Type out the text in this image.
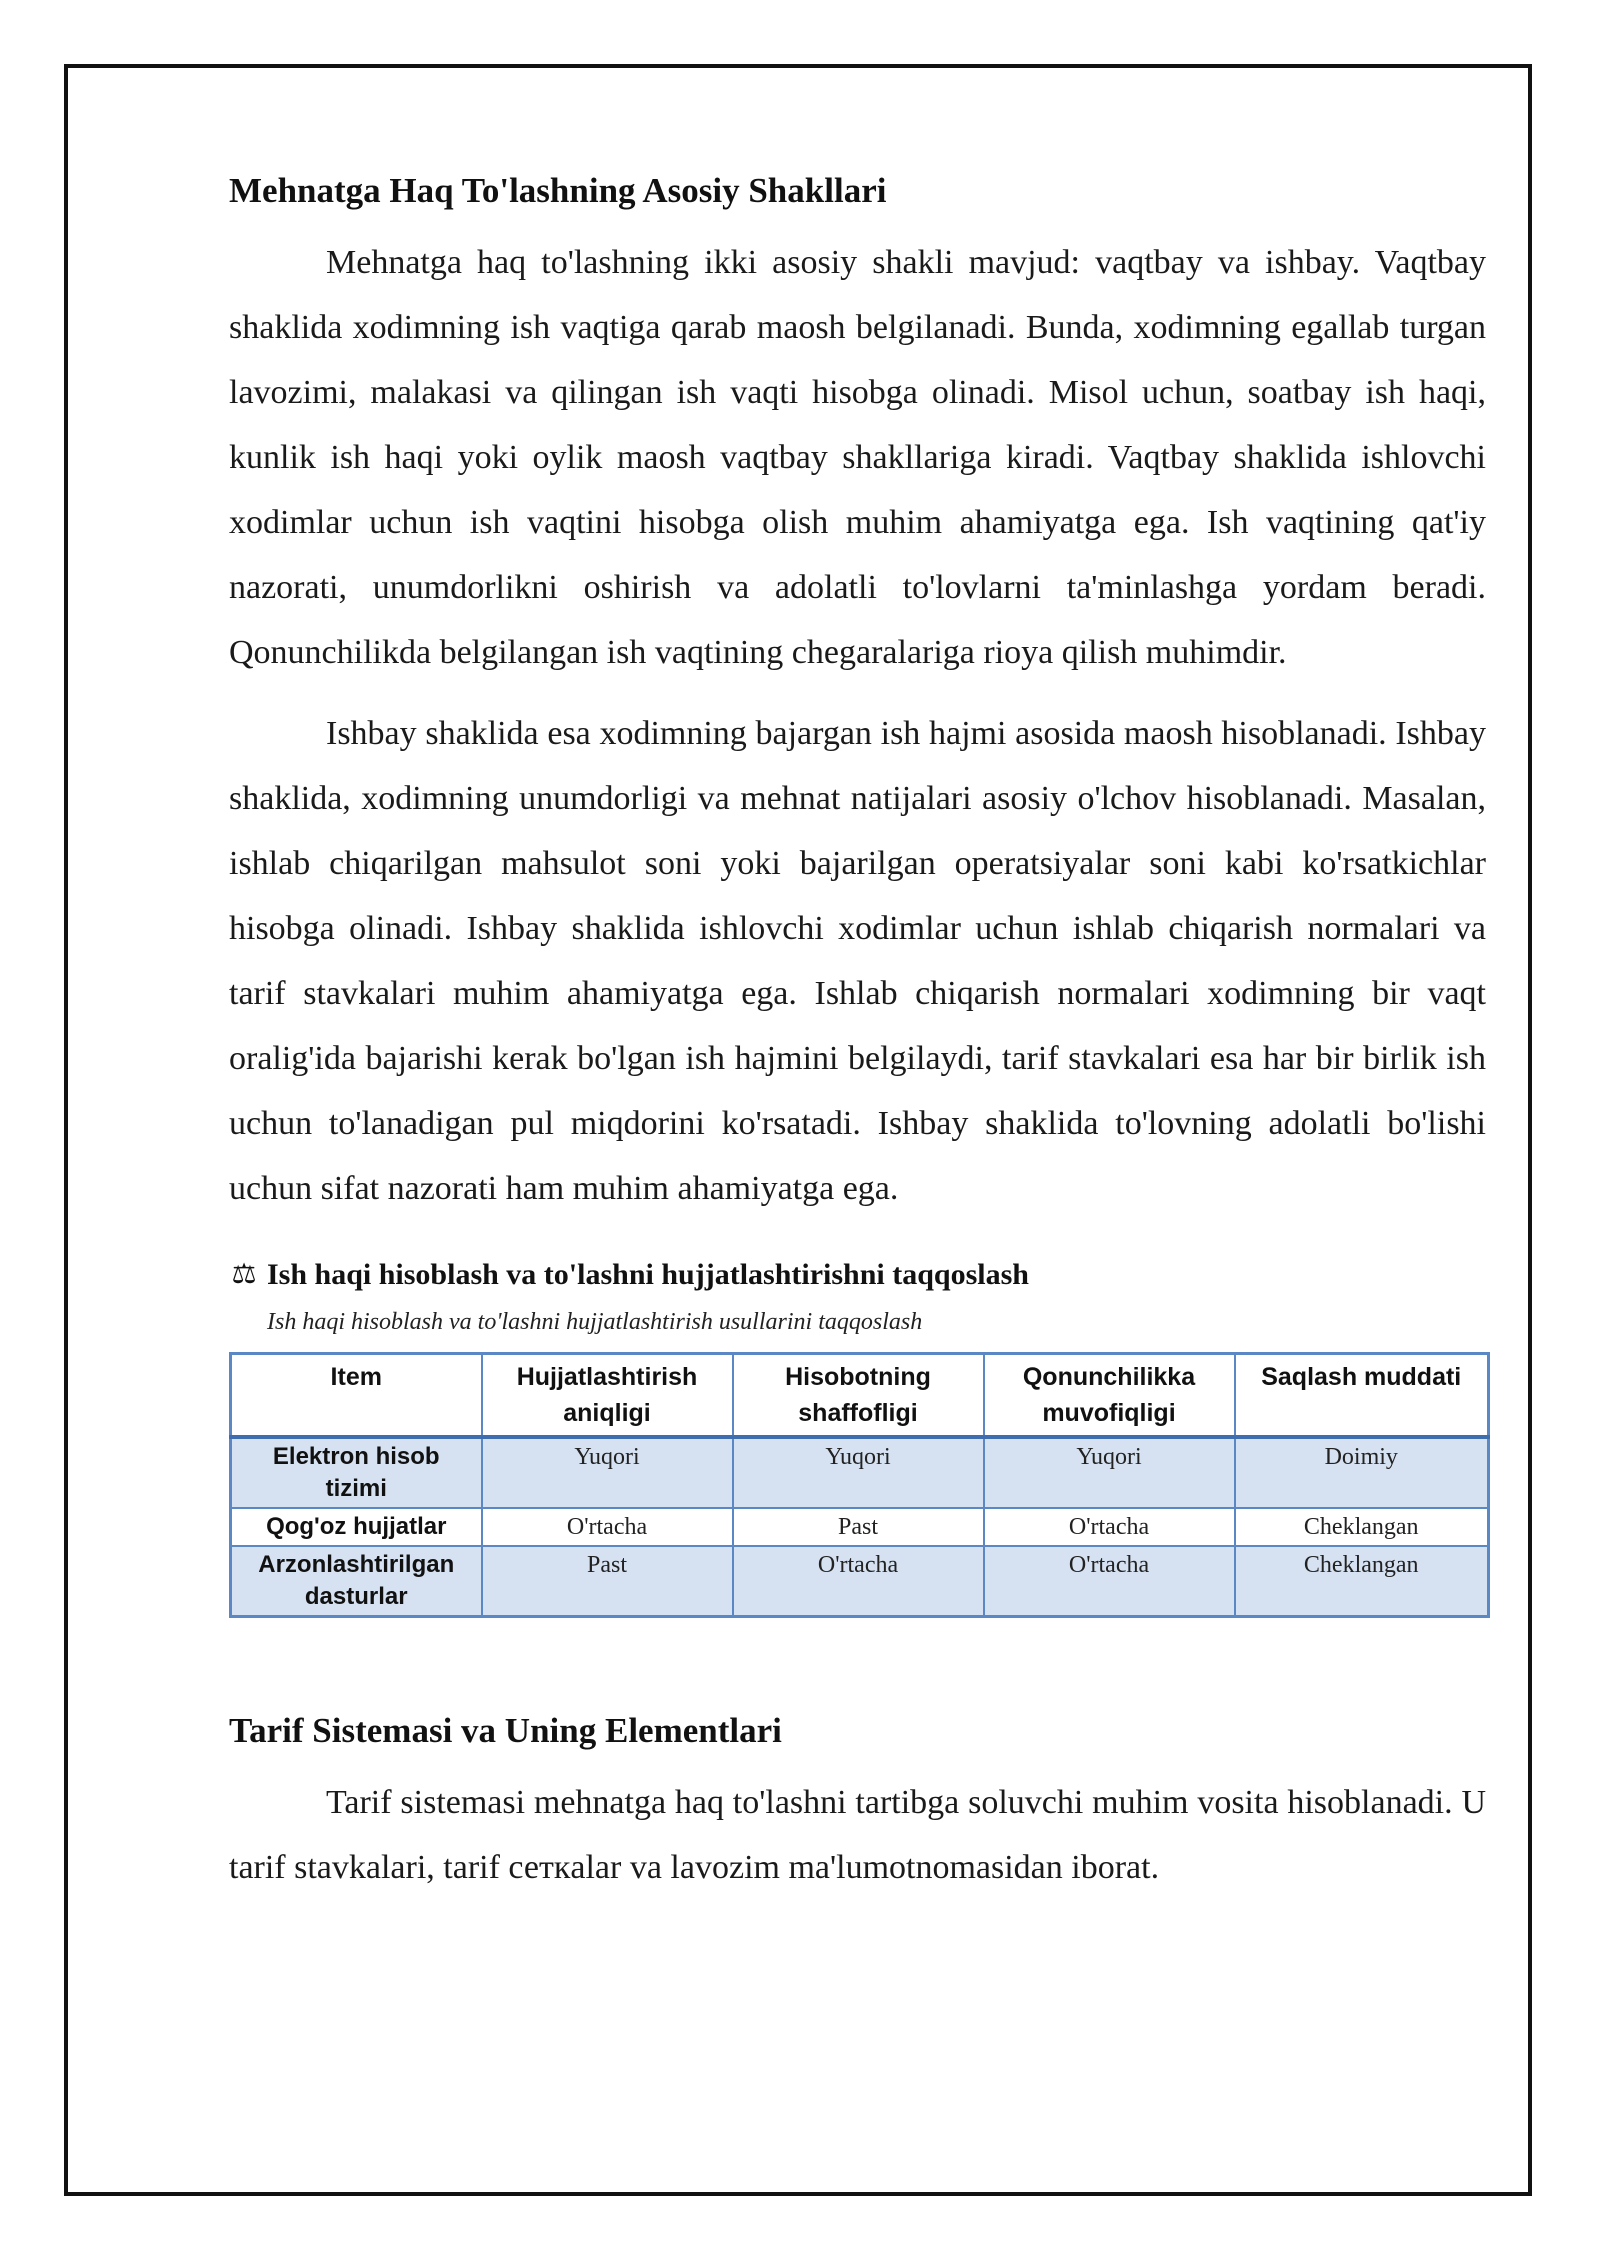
Mehnatga Haq To'lashning Asosiy Shakllari

Mehnatga haq to'lashning ikki asosiy shakli mavjud: vaqtbay va ishbay. Vaqtbay shaklida xodimning ish vaqtiga qarab maosh belgilanadi. Bunda, xodimning egallab turgan lavozimi, malakasi va qilingan ish vaqti hisobga olinadi. Misol uchun, soatbay ish haqi, kunlik ish haqi yoki oylik maosh vaqtbay shakllariga kiradi. Vaqtbay shaklida ishlovchi xodimlar uchun ish vaqtini hisobga olish muhim ahamiyatga ega. Ish vaqtining qat'iy nazorati, unumdorlikni oshirish va adolatli to'lovlarni ta'minlashga yordam beradi. Qonunchilikda belgilangan ish vaqtining chegaralariga rioya qilish muhimdir.

Ishbay shaklida esa xodimning bajargan ish hajmi asosida maosh hisoblanadi. Ishbay shaklida, xodimning unumdorligi va mehnat natijalari asosiy o'lchov hisoblanadi. Masalan, ishlab chiqarilgan mahsulot soni yoki bajarilgan operatsiyalar soni kabi ko'rsatkichlar hisobga olinadi. Ishbay shaklida ishlovchi xodimlar uchun ishlab chiqarish normalari va tarif stavkalari muhim ahamiyatga ega. Ishlab chiqarish normalari xodimning bir vaqt oralig'ida bajarishi kerak bo'lgan ish hajmini belgilaydi, tarif stavkalari esa har bir birlik ish uchun to'lanadigan pul miqdorini ko'rsatadi. Ishbay shaklida to'lovning adolatli bo'lishi uchun sifat nazorati ham muhim ahamiyatga ega.

⚖ Ish haqi hisoblash va to'lashni hujjatlashtirishni taqqoslash
Ish haqi hisoblash va to'lashni hujjatlashtirish usullarini taqqoslash
Item	Hujjatlashtirish aniqligi	Hisobotning shaffofligi	Qonunchilikka muvofiqligi	Saqlash muddati
Elektron hisob tizimi	Yuqori	Yuqori	Yuqori	Doimiy
Qog'oz hujjatlar	O'rtacha	Past	O'rtacha	Cheklangan
Arzonlashtirilgan dasturlar	Past	O'rtacha	O'rtacha	Cheklangan
Tarif Sistemasi va Uning Elementlari

Tarif sistemasi mehnatga haq to'lashni tartibga soluvchi muhim vosita hisoblanadi. U tarif stavkalari, tarif сеткalar va lavozim ma'lumotnomasidan iborat.
